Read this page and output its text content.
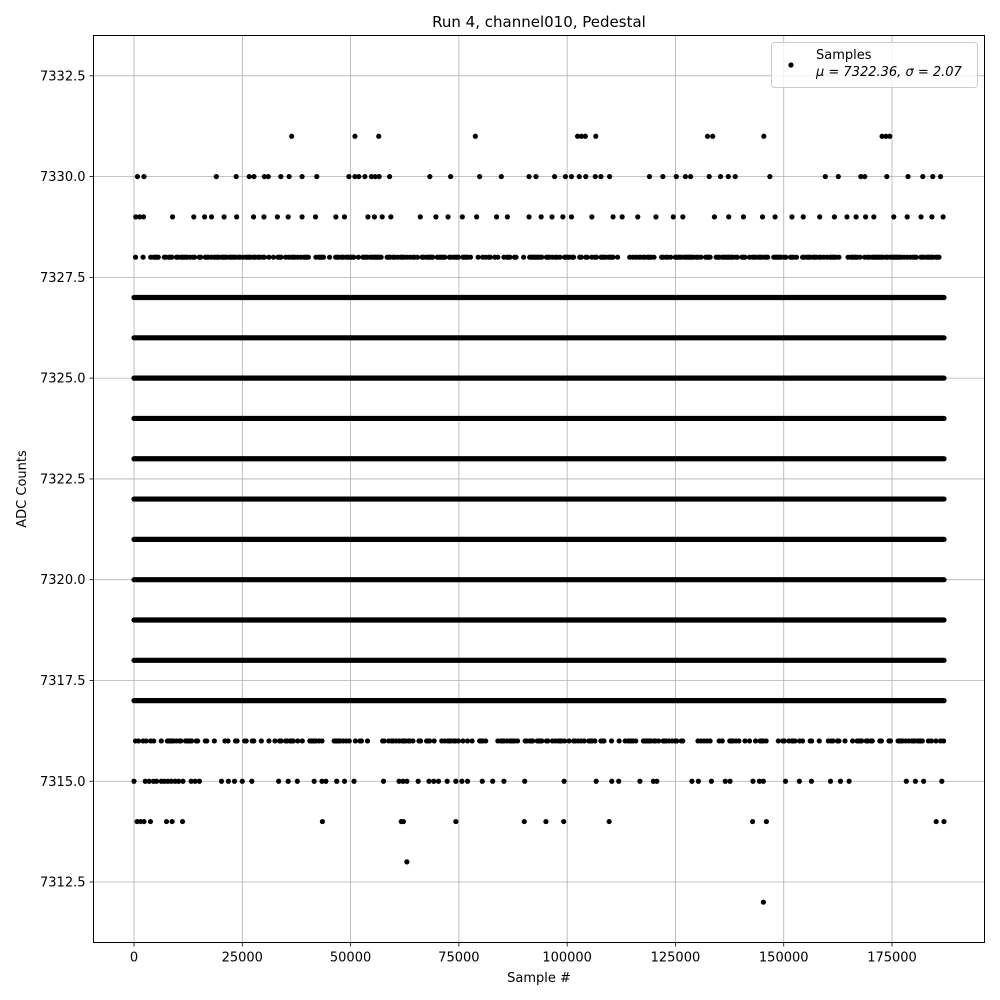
Run 4, channel010, Pedestal
0	25000	50000	75000	100000	125000	150000	175000
7312.5
7315.0
7317.5
7320.0
7322.5
7325.0
7327.5
7330.0
7332.5
Sample #
ADC Counts
Samples
μ = 7322.36, σ = 2.07
